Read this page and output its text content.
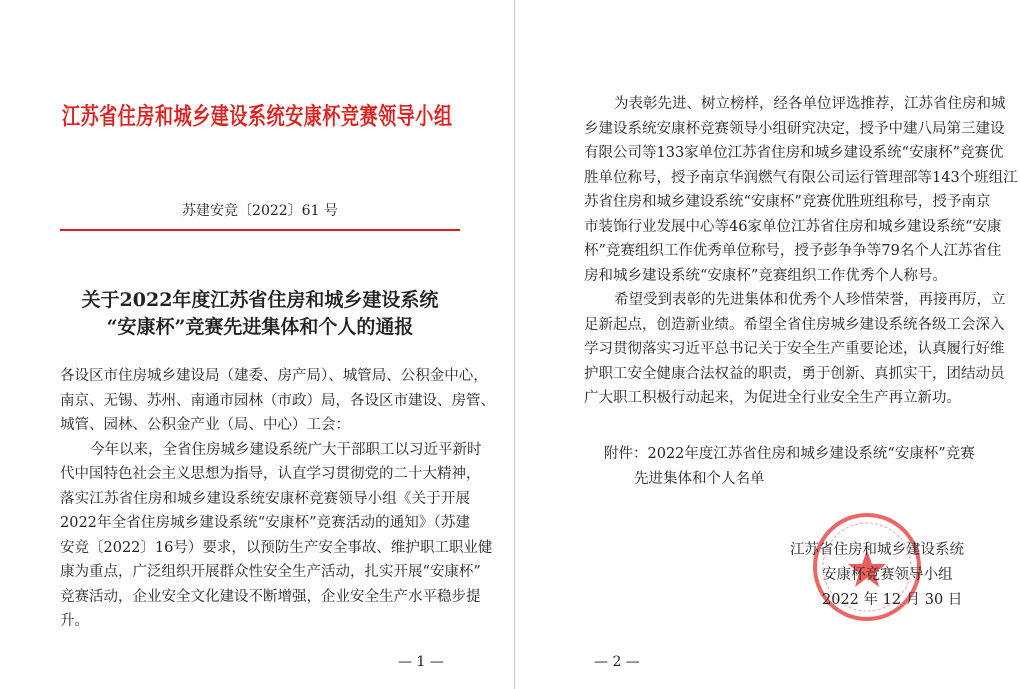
江苏省住房和城乡建设系统安康杯竞赛领导小组
苏建安竞〔2022〕61 号
关于2022年度江苏省住房和城乡建设系统
“安康杯”竞赛先进集体和个人的通报
各设区市住房城乡建设局（建委、房产局）、城管局、公积金中心，
南京、无锡、苏州、南通市园林（市政）局，各设区市建设、房管、
城管、园林、公积金产业（局、中心）工会：
今年以来，全省住房城乡建设系统广大干部职工以习近平新时
代中国特色社会主义思想为指导，认直学习贯彻党的二十大精神，
落实江苏省住房和城乡建设系统安康杯竞赛领导小组《关于开展
2022年全省住房城乡建设系统“安康杯”竞赛活动的通知》（苏建
安竞〔2022〕16号）要求，以预防生产安全事故、维护职工职业健
康为重点，广泛组织开展群众性安全生产活动，扎实开展“安康杯”
竞赛活动，企业安全文化建设不断增强，企业安全生产水平稳步提
升。
— 1 —
为表彰先进、树立榜样，经各单位评选推荐，江苏省住房和城
乡建设系统安康杯竞赛领导小组研究决定，授予中建八局第三建设
有限公司等133家单位江苏省住房和城乡建设系统“安康杯”竞赛优
胜单位称号，授予南京华润燃气有限公司运行管理部等143个班组江
苏省住房和城乡建设系统“安康杯”竞赛优胜班组称号，授予南京
市装饰行业发展中心等46家单位江苏省住房和城乡建设系统“安康
杯”竞赛组织工作优秀单位称号，授予彭争争等79名个人江苏省住
房和城乡建设系统“安康杯”竞赛组织工作优秀个人称号。
希望受到表彰的先进集体和优秀个人珍惜荣誉，再接再厉，立
足新起点，创造新业绩。希望全省住房城乡建设系统各级工会深入
学习贯彻落实习近平总书记关于安全生产重要论述，认真履行好维
护职工安全健康合法权益的职责，勇于创新、真抓实干，团结动员
广大职工积极行动起来，为促进全行业安全生产再立新功。
附件：2022年度江苏省住房和城乡建设系统“安康杯”竞赛
先进集体和个人名单
江苏省住房和城乡建设系统
安康杯竞赛领导小组
2022 年 12 月 30 日
— 2 —
